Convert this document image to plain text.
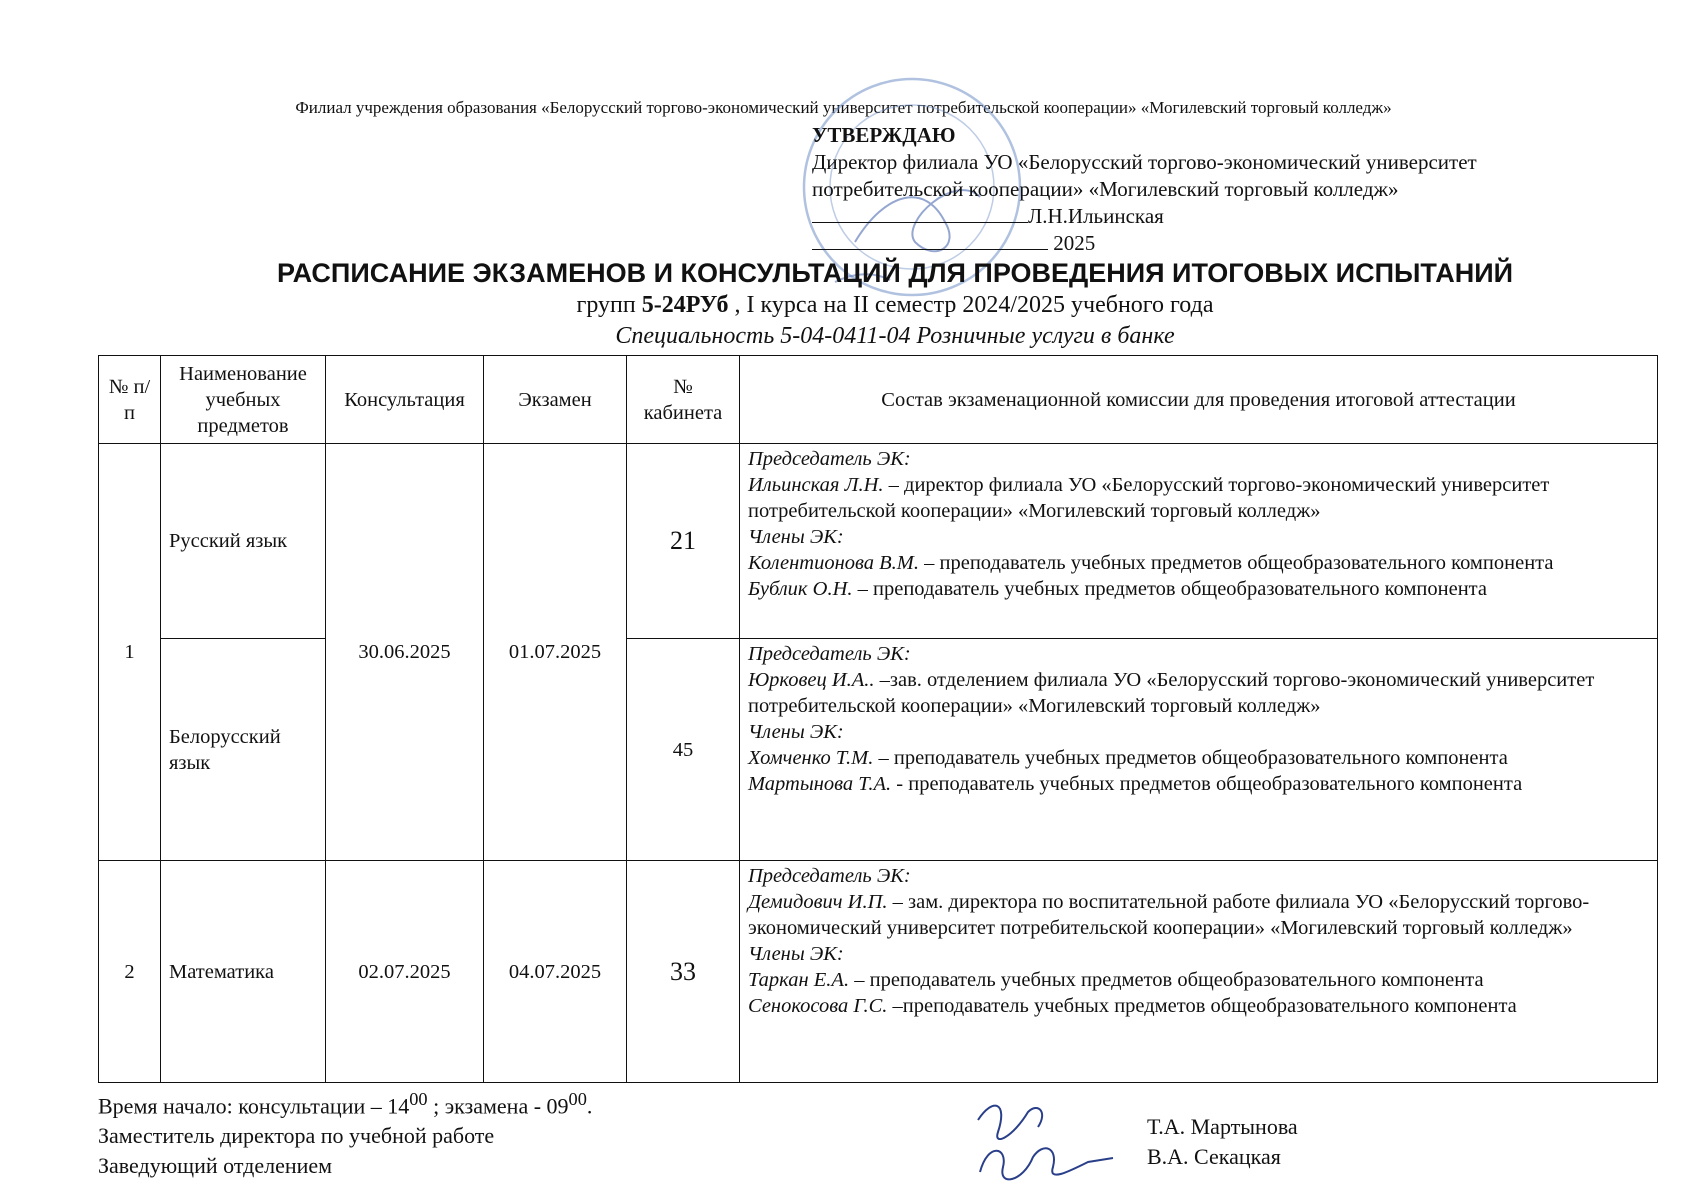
Филиал учреждения образования «Белорусский торгово-экономический университет потребительской кооперации» «Могилевский торговый колледж»
УТВЕРЖДАЮ
Директор филиала УО «Белорусский торгово-экономический университет
потребительской кооперации» «Могилевский торговый колледж»
Л.Н.Ильинская
2025
РАСПИСАНИЕ ЭКЗАМЕНОВ И КОНСУЛЬТАЦИЙ ДЛЯ ПРОВЕДЕНИЯ ИТОГОВЫХ ИСПЫТАНИЙ
групп 5-24РУб , I курса на II семестр 2024/2025 учебного года
Специальность 5-04-0411-04 Розничные услуги в банке
№ п/п	Наименование учебных предметов	Консультация	Экзамен	№ кабинета	Состав экзаменационной комиссии для проведения итоговой аттестации
1	Русский язык	30.06.2025	01.07.2025	21	Председатель ЭК:
Ильинская Л.Н. – директор филиала УО «Белорусский торгово-экономический университет потребительской кооперации» «Могилевский торговый колледж»
Члены ЭК:
Колентионова В.М. – преподаватель учебных предметов общеобразовательного компонента
Бублик О.Н. – преподаватель учебных предметов общеобразовательного компонента

	Белорусский язык			45	Председатель ЭК:
Юрковец И.А.. –зав. отделением филиала УО «Белорусский торгово-экономический университет потребительской кооперации» «Могилевский торговый колледж»
Члены ЭК:
Хомченко Т.М. – преподаватель учебных предметов общеобразовательного компонента
Мартынова Т.А. - преподаватель учебных предметов общеобразовательного компонента

2	Математика	02.07.2025	04.07.2025	33	Председатель ЭК:
Демидович И.П. – зам. директора по воспитательной работе филиала УО «Белорусский торгово-экономический университет потребительской кооперации» «Могилевский торговый колледж»
Члены ЭК:
Таркан Е.А. – преподаватель учебных предметов общеобразовательного компонента
Сенокосова Г.С. –преподаватель учебных предметов общеобразовательного компонента
Время начало: консультации – $14^{00}$ ; экзамена - $09^{00}$.
Заместитель директора по учебной работе
Заведующий отделением
Т.А. Мартынова
В.А. Секацкая
